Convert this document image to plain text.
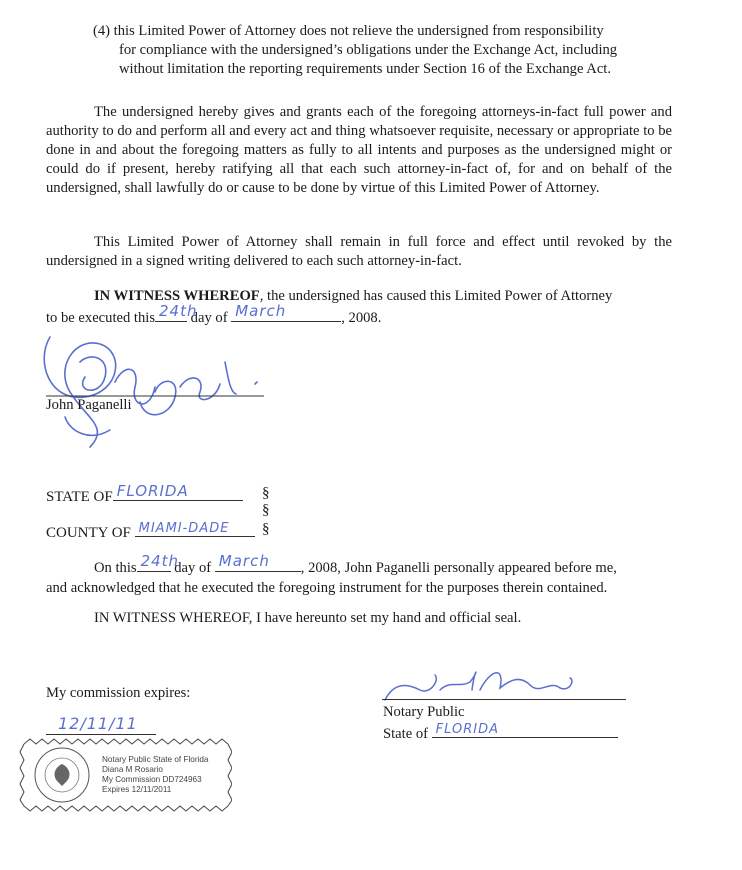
(4) this Limited Power of Attorney does not relieve the undersigned from responsibility
for compliance with the undersigned’s obligations under the Exchange Act, including
without limitation the reporting requirements under Section 16 of the Exchange Act.

The undersigned hereby gives and grants each of the foregoing attorneys-in-fact full power and authority to do and perform all and every act and thing whatsoever requisite, necessary or appropriate to be done in and about the foregoing matters as fully to all intents and purposes as the undersigned might or could do if present, hereby ratifying all that each such attorney-in-fact of, for and on behalf of the undersigned, shall lawfully do or cause to be done by virtue of this Limited Power of Attorney.

This Limited Power of Attorney shall remain in full force and effect until revoked by the undersigned in a signed writing delivered to each such attorney-in-fact.

IN WITNESS WHEREOF, the undersigned has caused this Limited Power of Attorney
to be executed this 24th
day of March	, 2008.
John Paganelli
STATE OF FLORIDA	§
§
COUNTY OF MIAMI-DADE §
On this 24th
day of March , 2008, John Paganelli personally appeared before me,
and acknowledged that he executed the foregoing instrument for the purposes therein contained.
IN WITNESS WHEREOF, I have hereunto set my hand and official seal.
My commission expires:
12/11/11
Notary Public
State of FLORIDA
Notary Public State of Florida
Diana M Rosario
My Commission DD724963
Expires 12/11/2011
